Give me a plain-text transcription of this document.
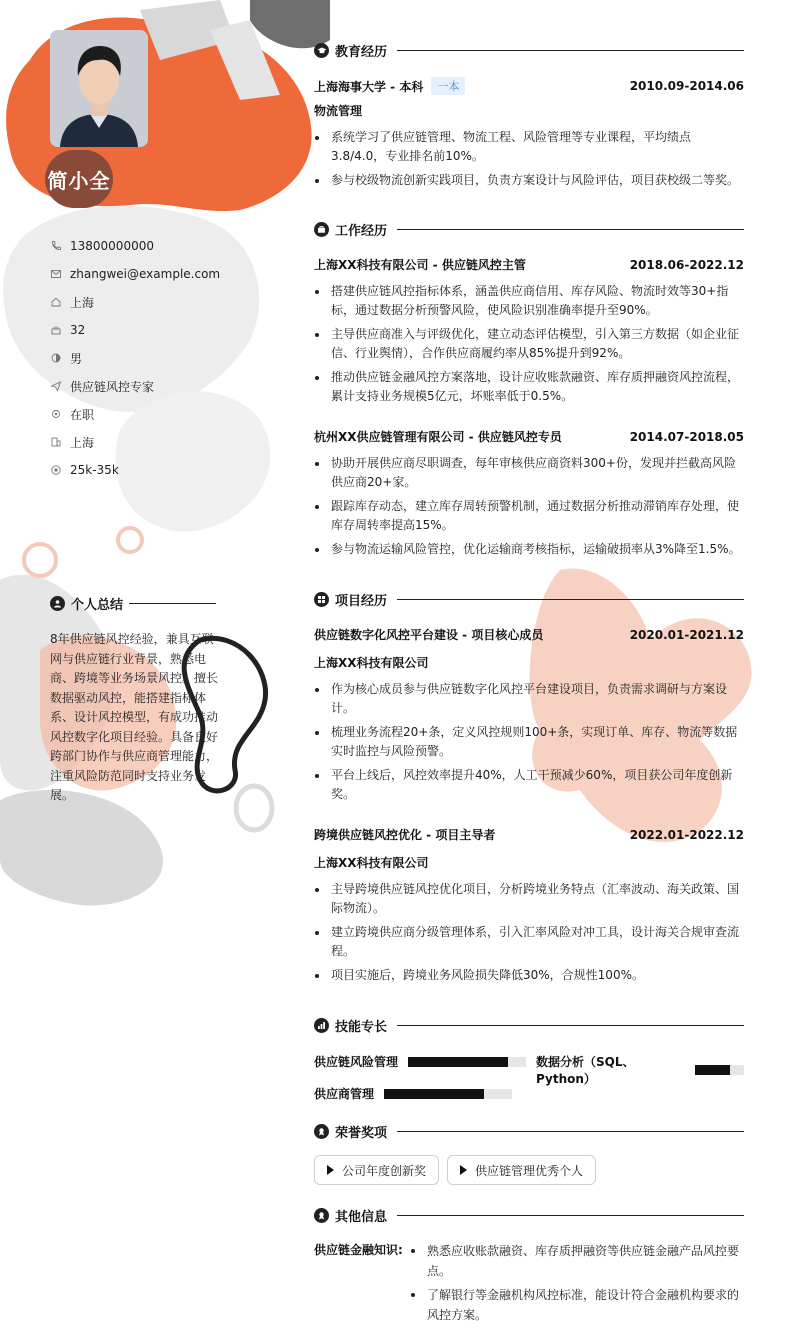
简小全
13800000000
zhangwei@example.com
上海
32
男
供应链风控专家
在职
上海
25k-35k
个人总结
8年供应链风控经验，兼具互联网与供应链行业背景，熟悉电商、跨境等业务场景风控。擅长数据驱动风控，能搭建指标体系、设计风控模型，有成功推动风控数字化项目经验。具备良好跨部门协作与供应商管理能力，注重风险防范同时支持业务发展。
教育经历
上海海事大学 - 本科	一本	2010.09-2014.06
物流管理
系统学习了供应链管理、物流工程、风险管理等专业课程，平均绩点3.8/4.0，专业排名前10%。
参与校级物流创新实践项目，负责方案设计与风险评估，项目获校级二等奖。
工作经历
上海XX科技有限公司 - 供应链风控主管	2018.06-2022.12
搭建供应链风控指标体系，涵盖供应商信用、库存风险、物流时效等30+指标，通过数据分析预警风险，使风险识别准确率提升至90%。
主导供应商准入与评级优化，建立动态评估模型，引入第三方数据（如企业征信、行业舆情），合作供应商履约率从85%提升到92%。
推动供应链金融风控方案落地，设计应收账款融资、库存质押融资风控流程，累计支持业务规模5亿元，坏账率低于0.5%。
杭州XX供应链管理有限公司 - 供应链风控专员	2014.07-2018.05
协助开展供应商尽职调查，每年审核供应商资料300+份，发现并拦截高风险供应商20+家。
跟踪库存动态，建立库存周转预警机制，通过数据分析推动滞销库存处理，使库存周转率提高15%。
参与物流运输风险管控，优化运输商考核指标，运输破损率从3%降至1.5%。
项目经历
供应链数字化风控平台建设 - 项目核心成员	2020.01-2021.12
上海XX科技有限公司
作为核心成员参与供应链数字化风控平台建设项目，负责需求调研与方案设计。
梳理业务流程20+条，定义风控规则100+条，实现订单、库存、物流等数据实时监控与风险预警。
平台上线后，风控效率提升40%，人工干预减少60%，项目获公司年度创新奖。
跨境供应链风控优化 - 项目主导者	2022.01-2022.12
上海XX科技有限公司
主导跨境供应链风控优化项目，分析跨境业务特点（汇率波动、海关政策、国际物流）。
建立跨境供应商分级管理体系，引入汇率风险对冲工具，设计海关合规审查流程。
项目实施后，跨境业务风险损失降低30%，合规性100%。
技能专长
供应链风险管理	数据分析（SQL、Python）
供应商管理
荣誉奖项
公司年度创新奖	供应链管理优秀个人
其他信息
供应链金融知识:	熟悉应收账款融资、库存质押融资等供应链金融产品风控要点。
了解银行等金融机构风控标准，能设计符合金融机构要求的风控方案。
